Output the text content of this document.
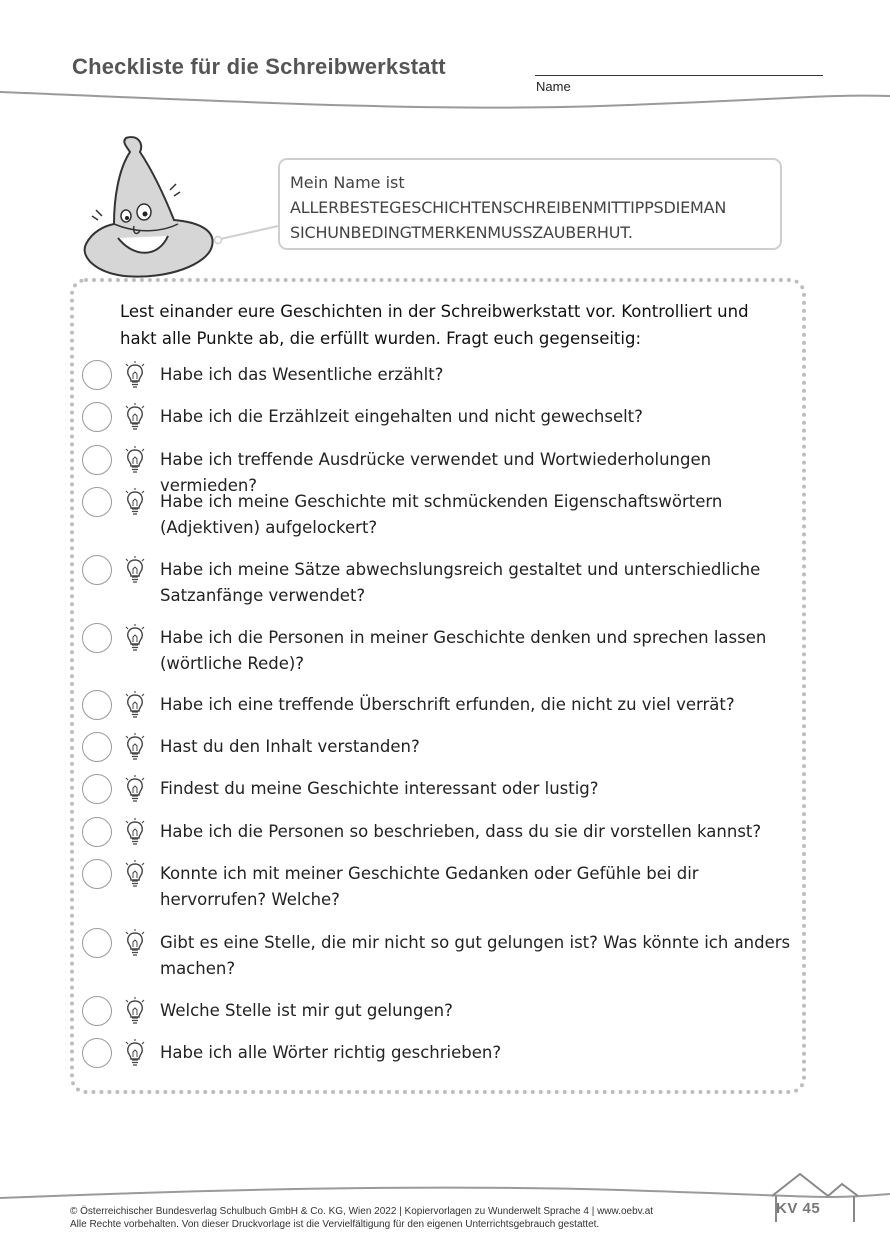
Checkliste für die Schreibwerkstatt
Name
Mein Name ist
ALLERBESTEGESCHICHTENSCHREIBENMITTIPPSDIEMAN
SICHUNBEDINGTMERKENMUSSZAUBERHUT.
Lest einander eure Geschichten in der Schreibwerkstatt vor. Kontrolliert und hakt alle Punkte ab, die erfüllt wurden. Fragt euch gegenseitig:
Habe ich das Wesentliche erzählt?
Habe ich die Erzählzeit eingehalten und nicht gewechselt?
Habe ich treffende Ausdrücke verwendet und Wortwiederholungen vermieden?
Habe ich meine Geschichte mit schmückenden Eigenschaftswörtern (Adjektiven) aufgelockert?
Habe ich meine Sätze abwechslungsreich gestaltet und unterschiedliche Satzanfänge verwendet?
Habe ich die Personen in meiner Geschichte denken und sprechen lassen (wörtliche Rede)?
Habe ich eine treffende Überschrift erfunden, die nicht zu viel verrät?
Hast du den Inhalt verstanden?
Findest du meine Geschichte interessant oder lustig?
Habe ich die Personen so beschrieben, dass du sie dir vorstellen kannst?
Konnte ich mit meiner Geschichte Gedanken oder Gefühle bei dir hervorrufen? Welche?
Gibt es eine Stelle, die mir nicht so gut gelungen ist? Was könnte ich anders machen?
Welche Stelle ist mir gut gelungen?
Habe ich alle Wörter richtig geschrieben?
KV 45
© Österreichischer Bundesverlag Schulbuch GmbH & Co. KG, Wien 2022 | Kopiervorlagen zu Wunderwelt Sprache 4 | www.oebv.at
Alle Rechte vorbehalten. Von dieser Druckvorlage ist die Vervielfältigung für den eigenen Unterrichtsgebrauch gestattet.
